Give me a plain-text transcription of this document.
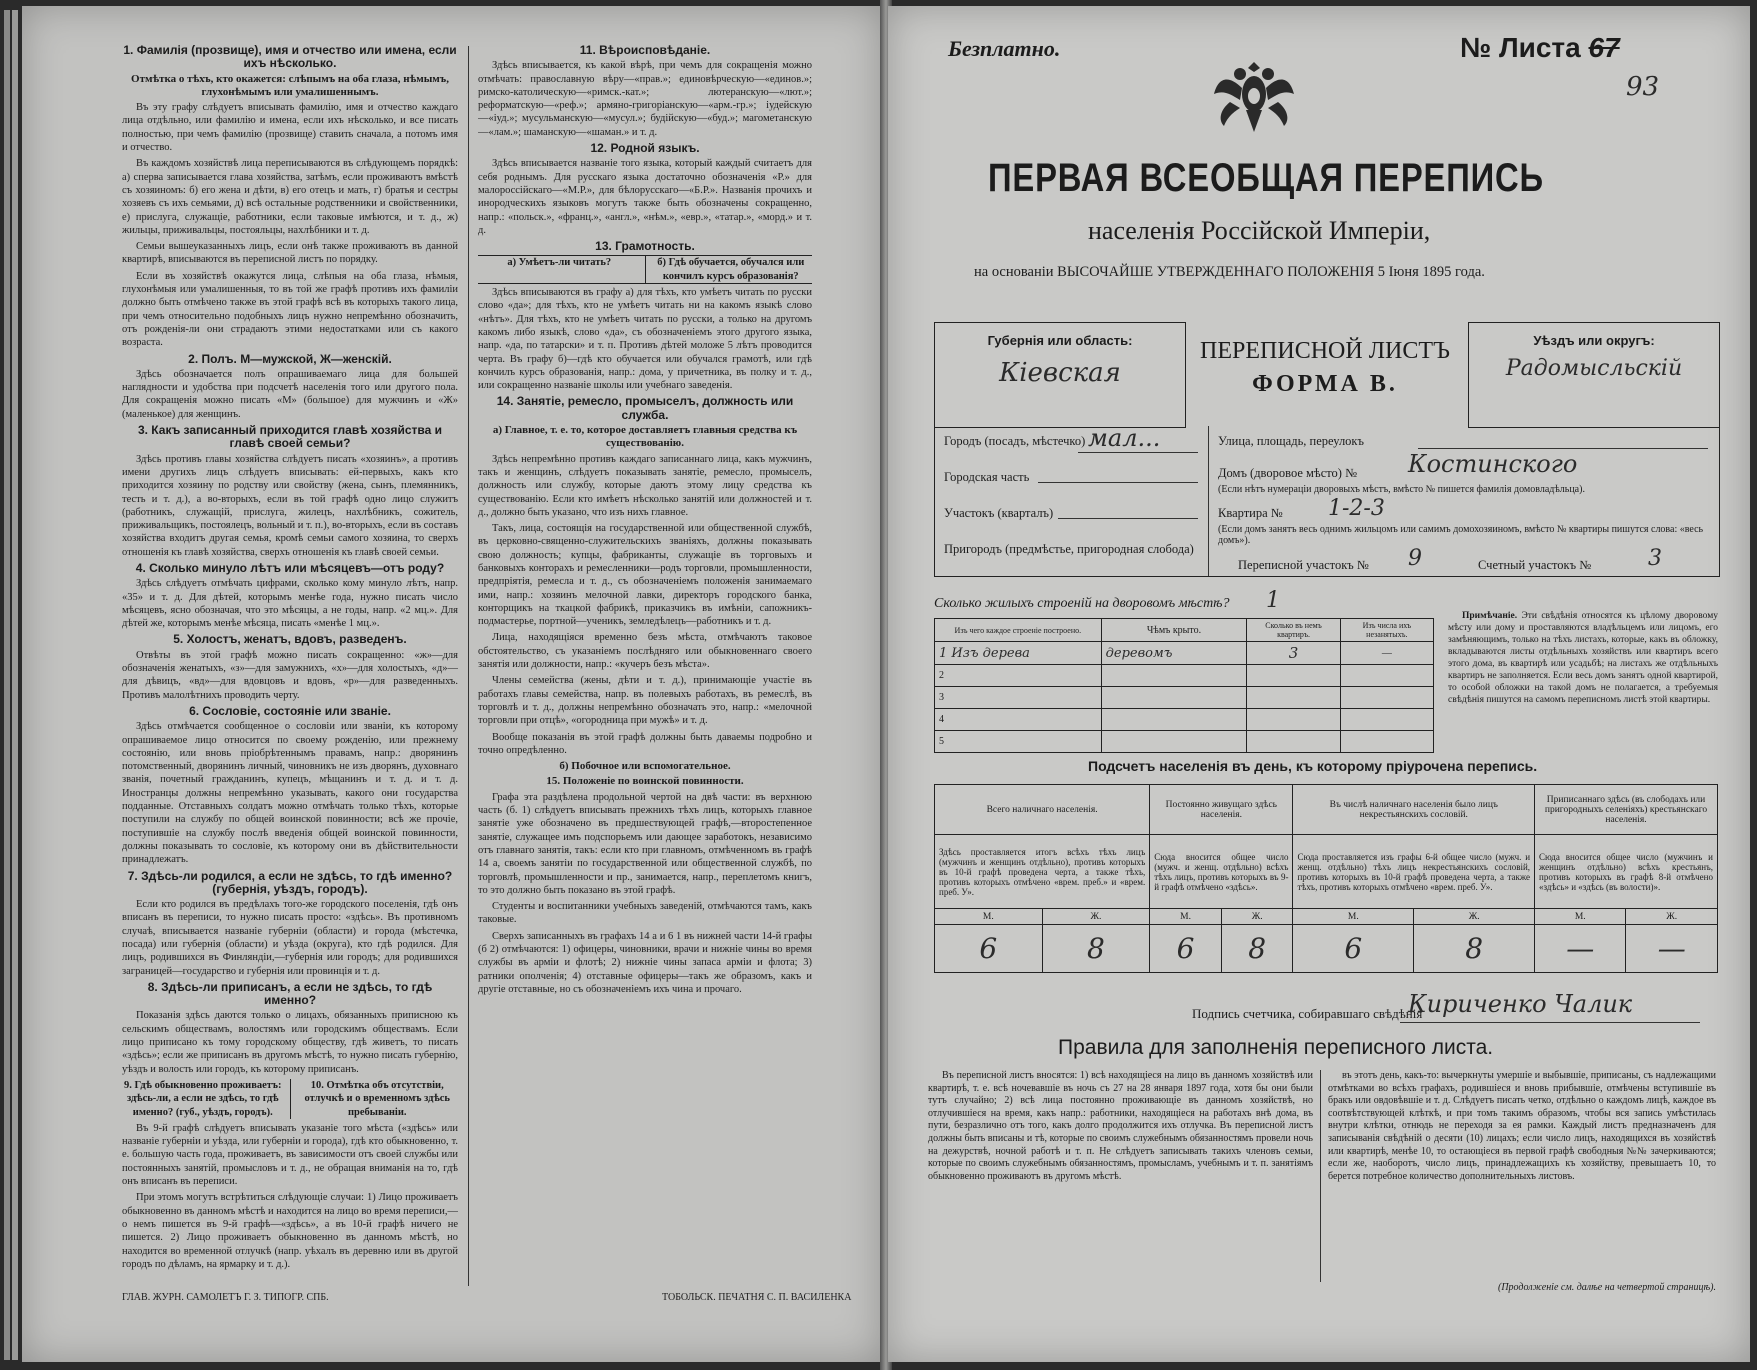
1. Фамилія (прозвище), имя и отчество или имена, если ихъ нѣсколько.
Отмѣтка о тѣхъ, кто окажется: слѣпымъ на оба глаза, нѣмымъ, глухонѣмымъ или умалишеннымъ.

Въ эту графу слѣдуетъ вписывать фамилію, имя и отчество каждаго лица отдѣльно, или фамилію и имена, если ихъ нѣсколько, и все писать полностью, при чемъ фамилію (прозвище) ставить сначала, а потомъ имя и отчество.

Въ каждомъ хозяйствѣ лица переписываются въ слѣдующемъ порядкѣ: а) сперва записывается глава хозяйства, затѣмъ, если проживаютъ вмѣстѣ съ хозяиномъ: б) его жена и дѣти, в) его отецъ и мать, г) братья и сестры хозяевъ съ ихъ семьями, д) всѣ остальные родственники и свойственники, е) прислуга, служащіе, работники, если таковые имѣются, и т. д., ж) жильцы, приживальцы, постояльцы, нахлѣбники и т. д.

Семьи вышеуказанныхъ лицъ, если онѣ также проживаютъ въ данной квартирѣ, вписываются въ переписной листъ по порядку.

Если въ хозяйствѣ окажутся лица, слѣпыя на оба глаза, нѣмыя, глухонѣмыя или умалишенныя, то въ той же графѣ противъ ихъ фамиліи должно быть отмѣчено также въ этой графѣ всѣ въ которыхъ такого лица, при чемъ относительно подобныхъ лицъ нужно непремѣнно обозначить, отъ рожденія-ли они страдаютъ этими недостатками или съ какого возраста.

2. Полъ. М—мужской, Ж—женскій.

Здѣсь обозначается полъ опрашиваемаго лица для большей наглядности и удобства при подсчетѣ населенія того или другого пола. Для сокращенія можно писать «М» (большое) для мужчинъ и «Ж» (маленькое) для женщинъ.

3. Какъ записанный приходится главѣ хозяйства и главѣ своей семьи?

Здѣсь противъ главы хозяйства слѣдуетъ писать «хозяинъ», а противъ имени другихъ лицъ слѣдуетъ вписывать: ей-первыхъ, какъ кто приходится хозяину по родству или свойству (жена, сынъ, племянникъ, тесть и т. д.), а во-вторыхъ, если въ той графѣ одно лицо служитъ (работникъ, служащій, прислуга, жилецъ, нахлѣбникъ, сожитель, приживальщикъ, постоялецъ, вольный и т. п.), во-вторыхъ, если въ составъ хозяйства входитъ другая семья, кромѣ семьи самого хозяина, то сверхъ отношенія къ главѣ хозяйства, сверхъ отношенія къ главѣ своей семьи.

4. Сколько минуло лѣтъ или мѣсяцевъ—отъ роду?

Здѣсь слѣдуетъ отмѣчать цифрами, сколько кому минуло лѣтъ, напр. «35» и т. д. Для дѣтей, которымъ менѣе года, нужно писать число мѣсяцевъ, ясно обозначая, что это мѣсяцы, а не годы, напр. «2 мц.». Для дѣтей же, которымъ менѣе мѣсяца, писать «менѣе 1 мц.».

5. Холостъ, женатъ, вдовъ, разведенъ.

Отвѣты въ этой графѣ можно писать сокращенно: «ж»—для обозначенія женатыхъ, «з»—для замужнихъ, «х»—для холостыхъ, «д»—для дѣвицъ, «вд»—для вдовцовъ и вдовъ, «р»—для разведенныхъ. Противъ малолѣтнихъ проводить черту.

6. Сословіе, состояніе или званіе.

Здѣсь отмѣчается сообщенное о сословіи или званіи, къ которому опрашиваемое лицо относится по своему рожденію, или прежнему состоянію, или вновь пріобрѣтеннымъ правамъ, напр.: дворянинъ потомственный, дворянинъ личный, чиновникъ не изъ дворянъ, духовнаго званія, почетный гражданинъ, купецъ, мѣщанинъ и т. д. и т. д. Иностранцы должны непремѣнно указывать, какого они государства подданные. Отставныхъ солдатъ можно отмѣчать только тѣхъ, которые поступили на службу по общей воинской повинности; всѣ же прочіе, поступившіе на службу послѣ введенія общей воинской повинности, должны показывать то сословіе, къ которому они въ дѣйствительности принадлежатъ.

7. Здѣсь-ли родился, а если не здѣсь, то гдѣ именно? (губернія, уѣздъ, городъ).

Если кто родился въ предѣлахъ того-же городского поселенія, гдѣ онъ вписанъ въ переписи, то нужно писать просто: «здѣсь». Въ противномъ случаѣ, вписывается названіе губерніи (области) и города (мѣстечка, посада) или губернія (области) и уѣзда (округа), кто гдѣ родился. Для лицъ, родившихся въ Финляндіи,—губернія или городъ; для родившихся заграницей—государство и губернія или провинція и т. д.

8. Здѣсь-ли приписанъ, а если не здѣсь, то гдѣ именно?

Показанія здѣсь даются только о лицахъ, обязанныхъ приписною къ сельскимъ обществамъ, волостямъ или городскимъ обществамъ. Если лицо приписано къ тому городскому обществу, гдѣ живетъ, то писать «здѣсь»; если же приписанъ въ другомъ мѣстѣ, то нужно писать губернію, уѣздъ и волость или городъ, къ которому приписанъ.

9. Гдѣ обыкновенно проживаетъ: здѣсь-ли, а если не здѣсь, то гдѣ именно? (губ., уѣздъ, городъ).
10. Отмѣтка объ отсутствіи, отлучкѣ и о временномъ здѣсь пребываніи.

Въ 9-й графѣ слѣдуетъ вписывать указаніе того мѣста («здѣсь» или названіе губерніи и уѣзда, или губерніи и города), гдѣ кто обыкновенно, т. е. большую часть года, проживаетъ, въ зависимости отъ своей службы или постоянныхъ занятій, промысловъ и т. д., не обращая вниманія на то, гдѣ онъ вписанъ въ переписи.

При этомъ могутъ встрѣтиться слѣдующіе случаи: 1) Лицо проживаетъ обыкновенно въ данномъ мѣстѣ и находится на лицо во время переписи,—о немъ пишется въ 9-й графѣ—«здѣсь», а въ 10-й графѣ ничего не пишется. 2) Лицо проживаетъ обыкновенно въ данномъ мѣстѣ, но находится во временной отлучкѣ (напр. уѣхалъ въ деревню или въ другой городъ по дѣламъ, на ярмарку и т. д.).

ГЛАВ. ЖУРН. САМОЛЕТЪ Г. З. ТИПОГР. СПБ.
11. Вѣроисповѣданіе.

Здѣсь вписывается, къ какой вѣрѣ, при чемъ для сокращенія можно отмѣчать: православную вѣру—«прав.»; единовѣрческую—«единов.»; римско-католическую—«римск.-кат.»; лютеранскую—«лют.»; реформатскую—«реф.»; армяно-григоріанскую—«арм.-гр.»; іудейскую—«іуд.»; мусульманскую—«мусул.»; будійскую—«буд.»; магометанскую—«лам.»; шаманскую—«шаман.» и т. д.

12. Родной языкъ.

Здѣсь вписывается названіе того языка, который каждый считаетъ для себя роднымъ. Для русскаго языка достаточно обозначенія «Р.» для малороссійскаго—«М.Р.», для бѣлорусскаго—«Б.Р.». Названія прочихъ и инородческихъ языковъ могутъ также быть обозначены сокращенно, напр.: «польск.», «франц.», «англ.», «нѣм.», «евр.», «татар.», «морд.» и т. д.

13. Грамотность.
а) Умѣетъ-ли читать?	б) Гдѣ обучается, обучался или кончилъ курсъ образованія?

Здѣсь вписываются въ графу а) для тѣхъ, кто умѣетъ читать по русски слово «да»; для тѣхъ, кто не умѣетъ читать ни на какомъ языкѣ слово «нѣтъ». Для тѣхъ, кто не умѣетъ читать по русски, а только на другомъ какомъ либо языкѣ, слово «да», съ обозначеніемъ этого другого языка, напр. «да, по татарски» и т. п. Противъ дѣтей моложе 5 лѣтъ проводится черта. Въ графу б)—гдѣ кто обучается или обучался грамотѣ, или гдѣ кончилъ курсъ образованія, напр.: дома, у причетника, въ полку и т. д., или сокращенно названіе школы или учебнаго заведенія.

14. Занятіе, ремесло, промыселъ, должность или служба.
а) Главное, т. е. то, которое доставляетъ главныя средства къ существованію.

Здѣсь непремѣнно противъ каждаго записаннаго лица, какъ мужчинъ, такъ и женщинъ, слѣдуетъ показывать занятіе, ремесло, промыселъ, должность или службу, которые даютъ этому лицу средства къ существованію. Если кто имѣетъ нѣсколько занятій или должностей и т. д., должно быть указано, что изъ нихъ главное.

Такъ, лица, состоящія на государственной или общественной службѣ, въ церковно-священно-служительскихъ званіяхъ, должны показывать свою должность; купцы, фабриканты, служащіе въ торговыхъ и банковыхъ конторахъ и ремесленники—родъ торговли, промышленности, предпріятія, ремесла и т. д., съ обозначеніемъ положенія занимаемаго ими, напр.: хозяинъ мелочной лавки, директоръ городского банка, конторщикъ на ткацкой фабрикѣ, приказчикъ въ имѣніи, сапожникъ-подмастерье, портной—ученикъ, земледѣлецъ—работникъ и т. д.

Лица, находящіяся временно безъ мѣста, отмѣчаютъ таковое обстоятельство, съ указаніемъ послѣдняго или обыкновеннаго своего занятія или должности, напр.: «кучеръ безъ мѣста».

Члены семейства (жены, дѣти и т. д.), принимающіе участіе въ работахъ главы семейства, напр. въ полевыхъ работахъ, въ ремеслѣ, въ торговлѣ и т. д., должны непремѣнно обозначать это, напр.: «мелочной торговли при отцѣ», «огородница при мужѣ» и т. д.

Вообще показанія въ этой графѣ должны быть даваемы подробно и точно опредѣленно.

б) Побочное или вспомогательное.
15. Положеніе по воинской повинности.

Графа эта раздѣлена продольной чертой на двѣ части: въ верхнюю часть (б. 1) слѣдуетъ вписывать прежнихъ тѣхъ лицъ, которыхъ главное занятіе уже обозначено въ предшествующей графѣ,—второстепенное занятіе, служащее имъ подспорьемъ или дающее заработокъ, независимо отъ главнаго занятія, такъ: если кто при главномъ, отмѣченномъ въ графѣ 14 а, своемъ занятіи по государственной или общественной службѣ, по торговлѣ, промышленности и пр., занимается, напр., переплетомъ книгъ, то это должно быть показано въ этой графѣ.

Студенты и воспитанники учебныхъ заведеній, отмѣчаются тамъ, какъ таковые.

Сверхъ записанныхъ въ графахъ 14 а и 6 1 въ нижней части 14-й графы (б 2) отмѣчаются: 1) офицеры, чиновники, врачи и нижніе чины во время службы въ армiи и флотѣ; 2) нижніе чины запаса армiи и флота; 3) ратники ополченія; 4) отставные офицеры—такъ же образомъ, какъ и другіе отставные, но съ обозначеніемъ ихъ чина и прочаго.

ТОБОЛЬСК. ПЕЧАТНЯ С. П. ВАСИЛЕНКА
Безплатно.	№ Листа 67
93
ПЕРВАЯ ВСЕОБЩАЯ ПЕРЕПИСЬ
населенія Россійской Имперіи,
на основаніи ВЫСОЧАЙШЕ УТВЕРЖДЕННАГО ПОЛОЖЕНІЯ 5 Іюня 1895 года.
Губернія или область:
Кіевская
ПЕРЕПИСНОЙ ЛИСТЪ
ФОРМА В.
Уѣздъ или округъ:
Радомысльскій
Городъ (посадъ, мѣстечко) мал...
Городская часть
Участокъ (кварталъ)
Пригородъ (предмѣстье, пригородная слобода)
Улица, площадь, переулокъ
Домъ (дворовое мѣсто) № Костинского
(Если нѣтъ нумерацiи дворовыхъ мѣстъ, вмѣсто № пишется фамилія домовладѣльца).
Квартира № 1-2-3
(Если домъ занятъ весь однимъ жильцомъ или самимъ домохозяиномъ, вмѣсто № квартиры пишутся слова: «весь домъ»).
Переписной участокъ № 9	Счетный участокъ №	3
Сколько жилыхъ строеній на дворовомъ мѣстѣ? 1
Изъ чего каждое строеніе построено.	Чѣмъ крыто.	Сколько въ немъ квартиръ.	Изъ числа ихъ незанятыхъ.
1 Изъ дерева	деревомъ	3	—
2			
3			
4			
5			

Примѣчаніе. Эти свѣдѣнія относятся къ цѣлому дворовому мѣсту или дому и проставляются владѣльцемъ или лицомъ, его замѣняющимъ, только на тѣхъ листахъ, которые, какъ въ обложку, вкладываются листы отдѣльныхъ хозяйствъ или квартиръ всего этого дома, въ квартирѣ или усадьбѣ; на листахъ же отдѣльныхъ квартиръ не заполняется. Если весь домъ занятъ одной квартирой, то особой обложки на такой домъ не полагается, а требуемыя свѣдѣнія пишутся на самомъ переписномъ листѣ этой квартиры.

Подсчетъ населенія въ день, къ которому пріурочена перепись.
Всего наличнаго населенія.		Постоянно живущаго здѣсь населенія.		Въ числѣ наличнаго населенія было лицъ некрестьянскихъ сословій.		Приписаннаго здѣсь (въ слободахъ или пригородныхъ селеніяхъ) крестьянскаго населенія.	
Здѣсь проставляется итогъ всѣхъ тѣхъ лицъ (мужчинъ и женщинъ отдѣльно), противъ которыхъ въ 10-й графѣ проведена черта, а также тѣхъ, противъ которыхъ отмѣчено «врем. преб.» и «врем. преб. У».		Сюда вносится общее число (мужч. и женщ. отдѣльно) всѣхъ тѣхъ лицъ, противъ которыхъ въ 9-й графѣ отмѣчено «здѣсь».		Сюда проставляется изъ графы 6-й общее число (мужч. и женщ. отдѣльно) тѣхъ лицъ некрестьянскихъ сословій, противъ которыхъ въ 10-й графѣ проведена черта, а также тѣхъ, противъ которыхъ отмѣчено «врем. преб. У».		Сюда вносится общее число (мужчинъ и женщинъ отдѣльно) всѣхъ крестьянъ, противъ которыхъ въ графѣ 8-й отмѣчено «здѣсь» и «здѣсь (въ волости)».	
М.	Ж.	М.	Ж.	М.	Ж.	М.	Ж.
6	8	6	8	6	8	—	—
Подпись счетчика, собиравшаго свѣдѣнія
Кириченко Чалик
Правила для заполненія переписного листа.

Въ переписной листъ вносятся: 1) всѣ находящіеся на лицо въ данномъ хозяйствѣ или квартирѣ, т. е. всѣ ночевавшіе въ ночь съ 27 на 28 января 1897 года, хотя бы они были тутъ случайно; 2) всѣ лица постоянно проживающіе въ данномъ хозяйствѣ, но отлучившіеся на время, какъ напр.: работники, находящіеся на работахъ внѣ дома, въ пути, безразлично отъ того, какъ долго продолжится ихъ отлучка. Въ переписной листъ должны быть вписаны и тѣ, которые по своимъ служебнымъ обязанностямъ провели ночь на дежурствѣ, ночной работѣ и т. п. Не слѣдуетъ записывать такихъ членовъ семьи, которые по своимъ служебнымъ обязанностямъ, промысламъ, учебнымъ и т. п. занятіямъ обыкновенно проживаютъ въ другомъ мѣстѣ.

въ этотъ день, какъ-то: вычеркнуты умершіе и выбывшіе, приписаны, съ надлежащими отмѣтками во всѣхъ графахъ, родившіеся и вновь прибывшіе, отмѣчены вступившіе въ бракъ или овдовѣвшіе и т. д. Слѣдуетъ писать четко, отдѣльно о каждомъ лицѣ, каждое въ соотвѣтствующей клѣткѣ, и при томъ такимъ образомъ, чтобы вся запись умѣстилась внутри клѣтки, отнюдь не переходя за ея рамки. Каждый листъ предназначенъ для записыванія свѣдѣній о десяти (10) лицахъ; если число лицъ, находящихся въ хозяйствѣ или квартирѣ, менѣе 10, то остающіеся въ первой графѣ свободныя №№ зачеркиваются; если же, наоборотъ, число лицъ, принадлежащихъ къ хозяйству, превышаетъ 10, то берется потребное количество дополнительныхъ листовъ.

(Продолженіе см. далѣе на четвертой страницѣ).
